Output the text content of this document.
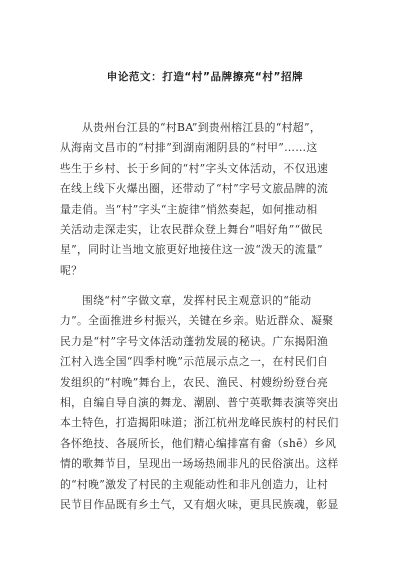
申论范文：打造“村”品牌擦亮“村”招牌
从贵州台江县的“村BA”到贵州榕江县的“村超”，
从海南文昌市的“村排”到湖南湘阴县的“村甲”……这
些生于乡村、长于乡间的“村”字头文体活动，不仅迅速
在线上线下火爆出圈，还带动了“村”字号文旅品牌的流
量走俏。当“村”字头“主旋律”悄然奏起，如何推动相
关活动走深走实，让农民群众登上舞台“唱好角”“做民
星”，同时让当地文旅更好地接住这一波“泼天的流量”
呢？
围绕“村”字做文章，发挥村民主观意识的“能动
力”。全面推进乡村振兴，关键在乡亲。贴近群众、凝聚
民力是“村”字号文体活动蓬勃发展的秘诀。广东揭阳渔
江村入选全国“四季村晚”示范展示点之一，在村民们自
发组织的“村晚”舞台上，农民、渔民、村嫂纷纷登台亮
相，自编自导自演的舞龙、潮剧、普宁英歌舞表演等突出
本土特色，打造揭阳味道；浙江杭州龙峰民族村的村民们
各怀绝技、各展所长，他们精心编排富有畲（shē）乡风
情的歌舞节目，呈现出一场场热闹非凡的民俗演出。这样
的“村晚”激发了村民的主观能动性和非凡创造力，让村
民节目作品既有乡土气，又有烟火味，更具民族魂，彰显
